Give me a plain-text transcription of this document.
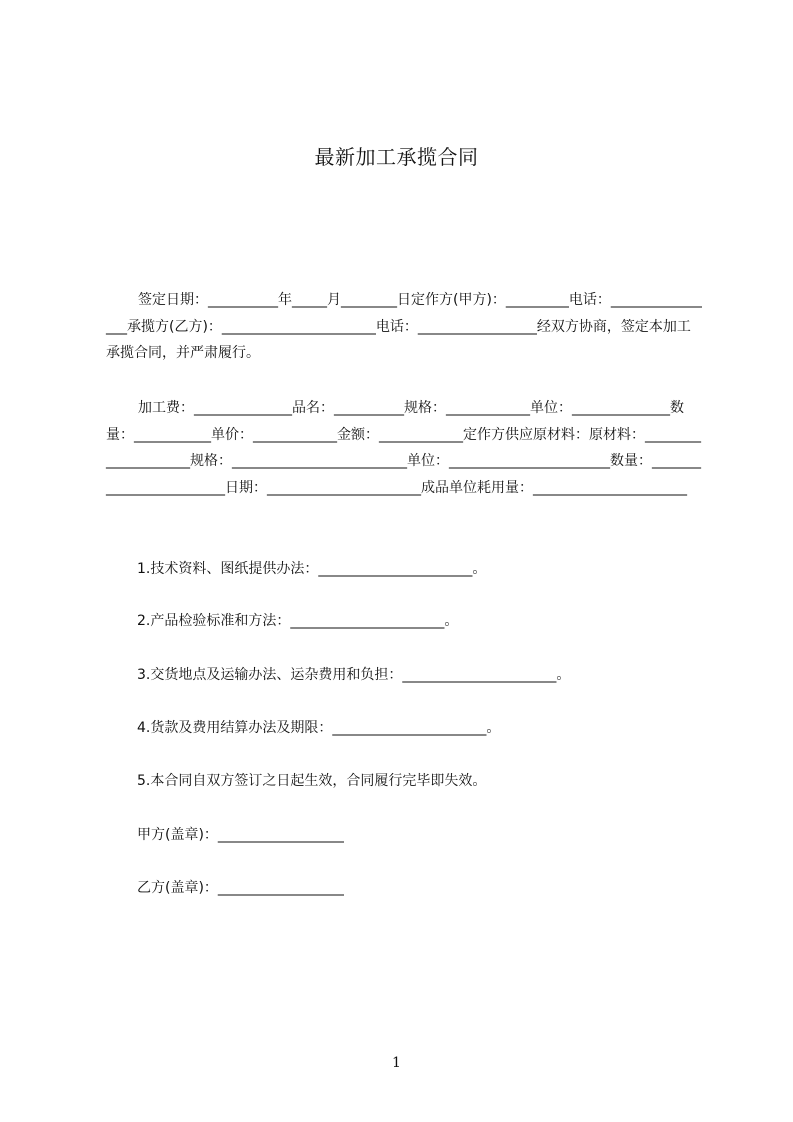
最新加工承揽合同

签定日期：__________年_____月________日定作方(甲方)：_________电话：________________承揽方(乙方)：______________________电话：_________________经双方协商，签定本加工承揽合同，并严肃履行。

加工费：______________品名：__________规格：____________单位：______________数量：___________单价：____________金额：____________定作方供应原材料：原材料：____________________规格：_________________________单位：_______________________数量：________________________日期：______________________成品单位耗用量：______________________

1.技术资料、图纸提供办法：______________________。
2.产品检验标准和方法：______________________。
3.交货地点及运输办法、运杂费用和负担：______________________。
4.货款及费用结算办法及期限：______________________。
5.本合同自双方签订之日起生效，合同履行完毕即失效。
甲方(盖章)：__________________
乙方(盖章)：__________________
1
